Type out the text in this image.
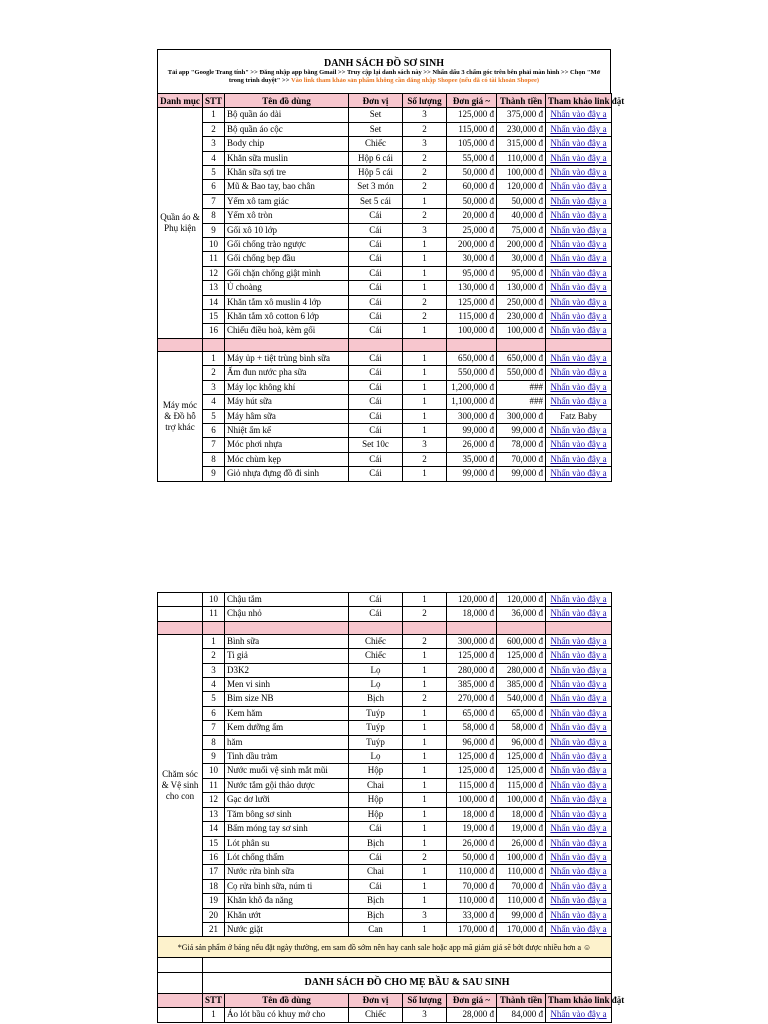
DANH SÁCH ĐỒ SƠ SINH
Tải app "Google Trang tính" >> Đăng nhập app bằng Gmail >> Truy cập lại danh sách này >> Nhấn dấu 3 chấm góc trên bên phải màn hình >> Chọn "Mở trong trình duyệt" >> Vào link tham khảo sản phẩm không cần đăng nhập Shopee (nếu đã có tài khoản Shopee)
Danh mục	STT	Tên đồ dùng	Đơn vị	Số lượng	Đơn giá ~	Thành tiền	Tham khảo link đặt
Quần áo & Phụ kiện	1	Bộ quần áo dài	Set	3	125,000 đ	375,000 đ	Nhấn vào đây a
	2	Bộ quần áo cộc	Set	2	115,000 đ	230,000 đ	Nhấn vào đây a
	3	Body chip	Chiếc	3	105,000 đ	315,000 đ	Nhấn vào đây a
	4	Khăn sữa muslin	Hộp 6 cái	2	55,000 đ	110,000 đ	Nhấn vào đây a
	5	Khăn sữa sợi tre	Hộp 5 cái	2	50,000 đ	100,000 đ	Nhấn vào đây a
	6	Mũ & Bao tay, bao chân	Set 3 món	2	60,000 đ	120,000 đ	Nhấn vào đây a
	7	Yếm xô tam giác	Set 5 cái	1	50,000 đ	50,000 đ	Nhấn vào đây a
	8	Yếm xô tròn	Cái	2	20,000 đ	40,000 đ	Nhấn vào đây a
	9	Gối xô 10 lớp	Cái	3	25,000 đ	75,000 đ	Nhấn vào đây a
	10	Gối chống trào ngược	Cái	1	200,000 đ	200,000 đ	Nhấn vào đây a
	11	Gối chống bẹp đầu	Cái	1	30,000 đ	30,000 đ	Nhấn vào đây a
	12	Gối chặn chống giật mình	Cái	1	95,000 đ	95,000 đ	Nhấn vào đây a
	13	Ủ choàng	Cái	1	130,000 đ	130,000 đ	Nhấn vào đây a
	14	Khăn tắm xô muslin 4 lớp	Cái	2	125,000 đ	250,000 đ	Nhấn vào đây a
	15	Khăn tắm xô cotton 6 lớp	Cái	2	115,000 đ	230,000 đ	Nhấn vào đây a
	16	Chiếu điều hoà, kèm gối	Cái	1	100,000 đ	100,000 đ	Nhấn vào đây a

Máy móc & Đồ hỗ trợ khác	1	Máy ủp + tiệt trùng bình sữa	Cái	1	650,000 đ	650,000 đ	Nhấn vào đây a
	2	Ấm đun nước pha sữa	Cái	1	550,000 đ	550,000 đ	Nhấn vào đây a
	3	Máy lọc không khí	Cái	1	1,200,000 đ	###	Nhấn vào đây a
	4	Máy hút sữa	Cái	1	1,100,000 đ	###	Nhấn vào đây a
	5	Máy hâm sữa	Cái	1	300,000 đ	300,000 đ	Fatz Baby
	6	Nhiệt ẩm kế	Cái	1	99,000 đ	99,000 đ	Nhấn vào đây a
	7	Móc phơi nhựa	Set 10c	3	26,000 đ	78,000 đ	Nhấn vào đây a
	8	Móc chùm kẹp	Cái	2	35,000 đ	70,000 đ	Nhấn vào đây a
	9	Giỏ nhựa đựng đồ đi sinh	Cái	1	99,000 đ	99,000 đ	Nhấn vào đây a
	10	Chậu tắm	Cái	1	120,000 đ	120,000 đ	Nhấn vào đây a
	11	Chậu nhỏ	Cái	2	18,000 đ	36,000 đ	Nhấn vào đây a

Chăm sóc & Vệ sinh cho con	1	Bình sữa	Chiếc	2	300,000 đ	600,000 đ	Nhấn vào đây a
	2	Ti giả	Chiếc	1	125,000 đ	125,000 đ	Nhấn vào đây a
	3	D3K2	Lọ	1	280,000 đ	280,000 đ	Nhấn vào đây a
	4	Men vi sinh	Lọ	1	385,000 đ	385,000 đ	Nhấn vào đây a
	5	Bỉm size NB	Bịch	2	270,000 đ	540,000 đ	Nhấn vào đây a
	6	Kem hăm	Tuýp	1	65,000 đ	65,000 đ	Nhấn vào đây a
	7	Kem dưỡng ẩm	Tuýp	1	58,000 đ	58,000 đ	Nhấn vào đây a
	8	hăm	Tuýp	1	96,000 đ	96,000 đ	Nhấn vào đây a
	9	Tinh dầu tràm	Lọ	1	125,000 đ	125,000 đ	Nhấn vào đây a
	10	Nước muối vệ sinh mắt mũi	Hộp	1	125,000 đ	125,000 đ	Nhấn vào đây a
	11	Nước tắm gội thảo dược	Chai	1	115,000 đ	115,000 đ	Nhấn vào đây a
	12	Gạc dơ lưỡi	Hộp	1	100,000 đ	100,000 đ	Nhấn vào đây a
	13	Tăm bông sơ sinh	Hộp	1	18,000 đ	18,000 đ	Nhấn vào đây a
	14	Bấm móng tay sơ sinh	Cái	1	19,000 đ	19,000 đ	Nhấn vào đây a
	15	Lót phân su	Bịch	1	26,000 đ	26,000 đ	Nhấn vào đây a
	16	Lót chống thấm	Cái	2	50,000 đ	100,000 đ	Nhấn vào đây a
	17	Nước rửa bình sữa	Chai	1	110,000 đ	110,000 đ	Nhấn vào đây a
	18	Cọ rửa bình sữa, núm ti	Cái	1	70,000 đ	70,000 đ	Nhấn vào đây a
	19	Khăn khô đa năng	Bịch	1	110,000 đ	110,000 đ	Nhấn vào đây a
	20	Khăn ướt	Bịch	3	33,000 đ	99,000 đ	Nhấn vào đây a
	21	Nước giặt	Can	1	170,000 đ	170,000 đ	Nhấn vào đây a
*Giá sản phẩm ở bảng nếu đặt ngày thường, em sam đồ sớm nên hay canh sale hoặc app mã giảm giá sẽ bớt được nhiều hơn a ☺							

	DANH SÁCH ĐỒ CHO MẸ BẦU & SAU SINH						
	STT	Tên đồ dùng	Đơn vị	Số lượng	Đơn giá ~	Thành tiền	Tham khảo link đặt
	1	Áo lót bầu có khuy mở cho	Chiếc	3	28,000 đ	84,000 đ	Nhấn vào đây a
